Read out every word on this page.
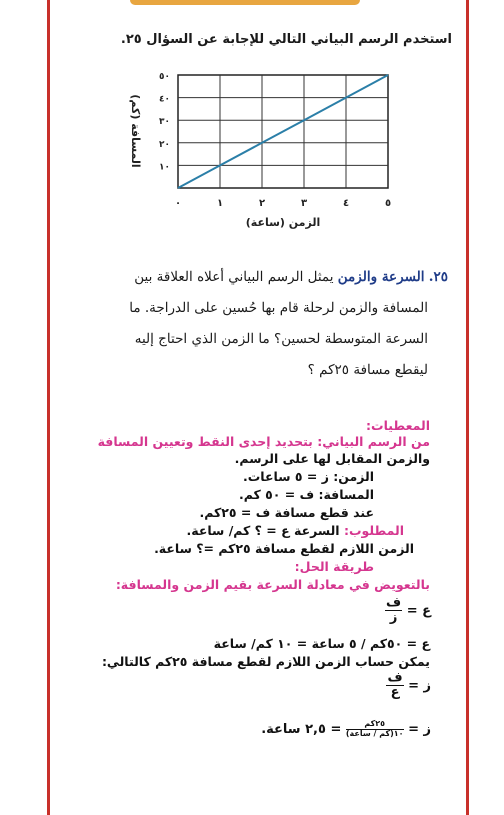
استخدم الرسم البياني التالي للإجابة عن السؤال ٢٥.
٠	١	٢	٣	٤	٥
١٠
٢٠
٣٠
٤٠
٥٠
الزمن (ساعة)
المسافة (كم)
٢٥. السرعة والزمن يمثل الرسم البياني أعلاه العلاقة بين
المسافة والزمن لرحلة قام بها حُسين على الدراجة. ما
السرعة المتوسطة لحسين؟ ما الزمن الذي احتاج إليه
ليقطع مسافة ٢٥كم ؟
المعطيات:
من الرسم البياني: بتحديد إحدى النقط وتعيين المسافة
والزمن المقابل لها على الرسم.
الزمن: ز = ٥ ساعات.
المسافة: ف = ٥٠ كم.
عند قطع مسافة ف = ٢٥كم.
المطلوب: السرعة ع = ؟ كم/ ساعة.
الزمن اللازم لقطع مسافة ٢٥كم =؟ ساعة.
طريقة الحل:
بالتعويض في معادلة السرعة بقيم الزمن والمسافة:
ع =
$\frac{\text{ف}}{\text{ز}}$
ع = ٥٠كم / ٥ ساعة = ١٠ كم/ ساعة
يمكن حساب الزمن اللازم لقطع مسافة ٢٥كم كالتالي:
ز =
$\frac{\text{ف}}{\text{ع}}$
ز =
$\frac{\text{٢٥كم}}{\text{١٠(كم / ساعة)}}$
= ٢,٥ ساعة.
